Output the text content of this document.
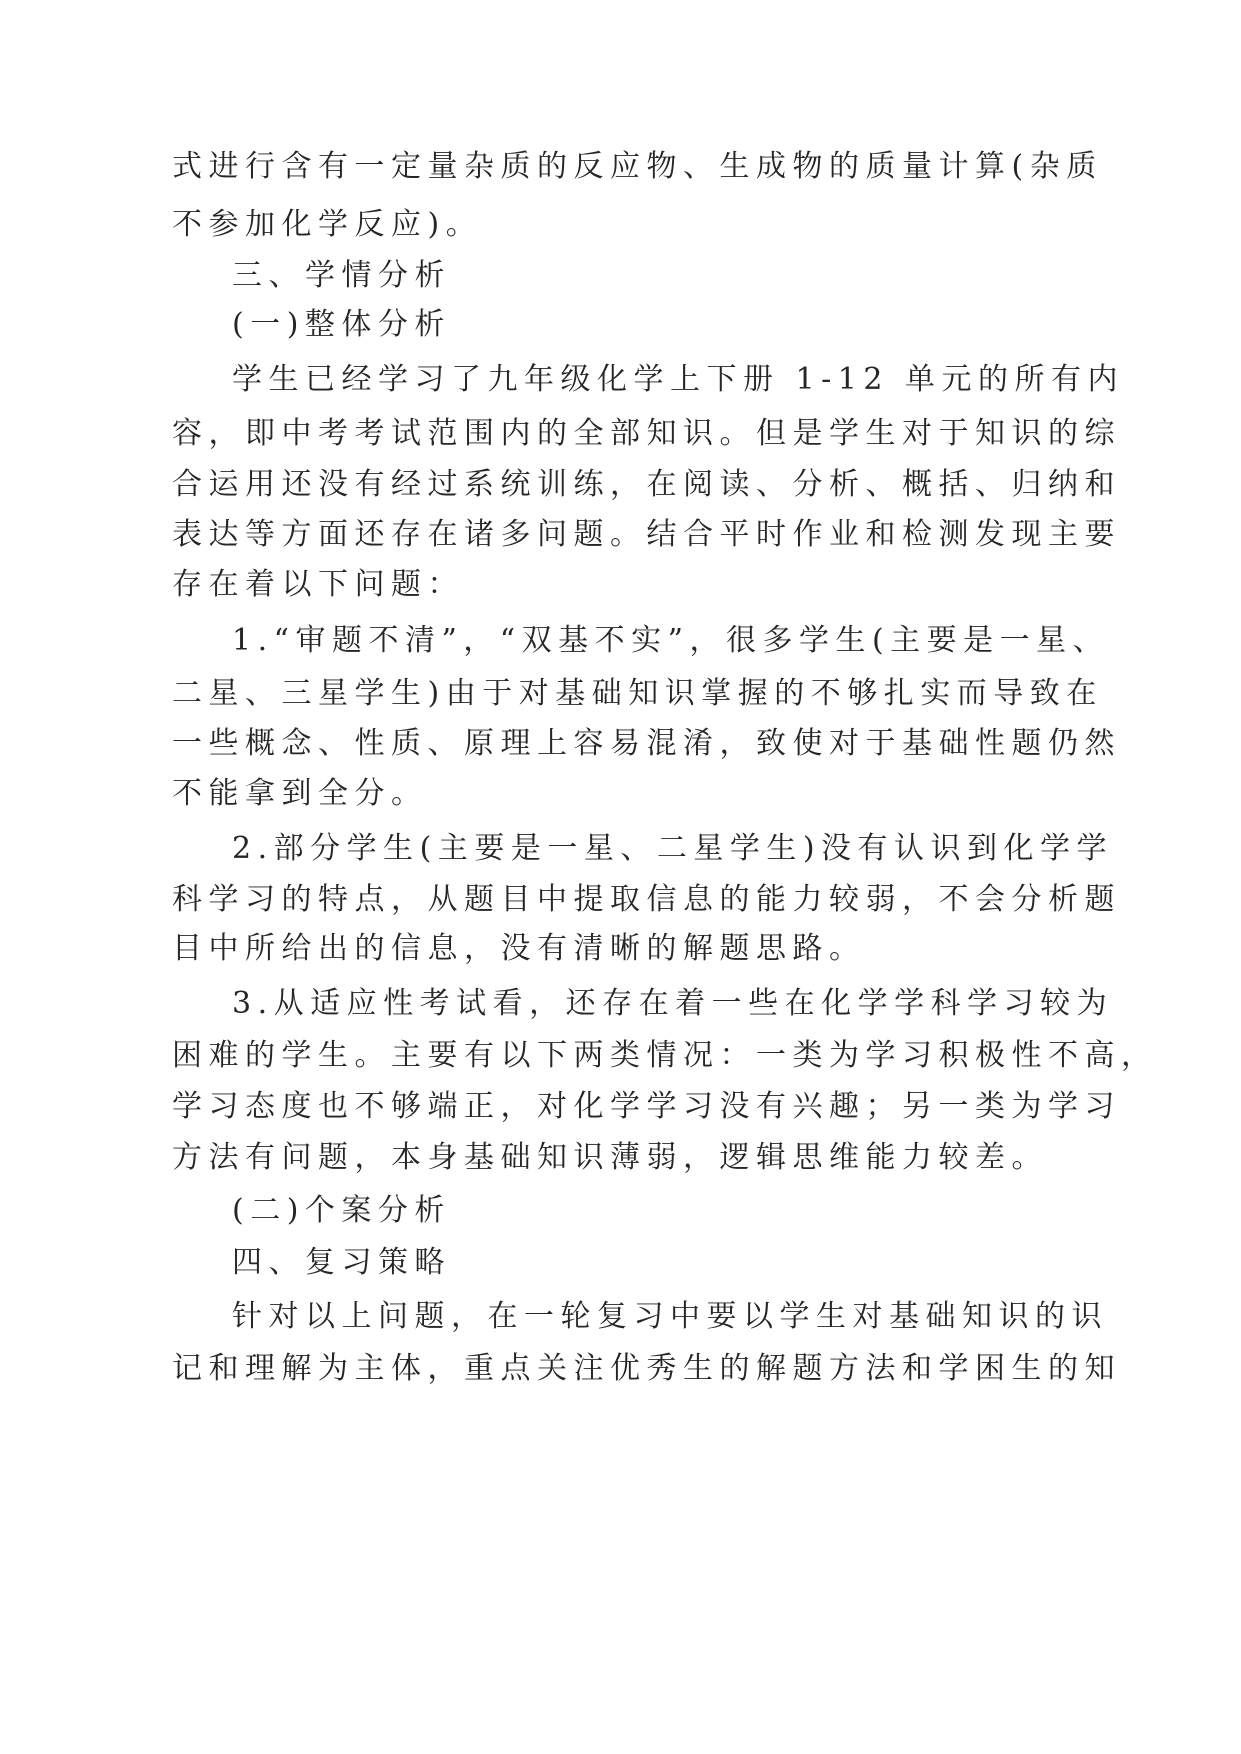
式进行含有一定量杂质的反应物、生成物的质量计算(杂质
不参加化学反应)。
三、学情分析
(一)整体分析
学生已经学习了九年级化学上下册 1-12 单元的所有内
容，即中考考试范围内的全部知识。但是学生对于知识的综
合运用还没有经过系统训练，在阅读、分析、概括、归纳和
表达等方面还存在诸多问题。结合平时作业和检测发现主要
存在着以下问题：
1.“审题不清”，“双基不实”，很多学生(主要是一星、
二星、三星学生)由于对基础知识掌握的不够扎实而导致在
一些概念、性质、原理上容易混淆，致使对于基础性题仍然
不能拿到全分。
2.部分学生(主要是一星、二星学生)没有认识到化学学
科学习的特点，从题目中提取信息的能力较弱，不会分析题
目中所给出的信息，没有清晰的解题思路。
3.从适应性考试看，还存在着一些在化学学科学习较为
困难的学生。主要有以下两类情况：一类为学习积极性不高，
学习态度也不够端正，对化学学习没有兴趣；另一类为学习
方法有问题，本身基础知识薄弱，逻辑思维能力较差。
(二)个案分析
四、复习策略
针对以上问题，在一轮复习中要以学生对基础知识的识
记和理解为主体，重点关注优秀生的解题方法和学困生的知
